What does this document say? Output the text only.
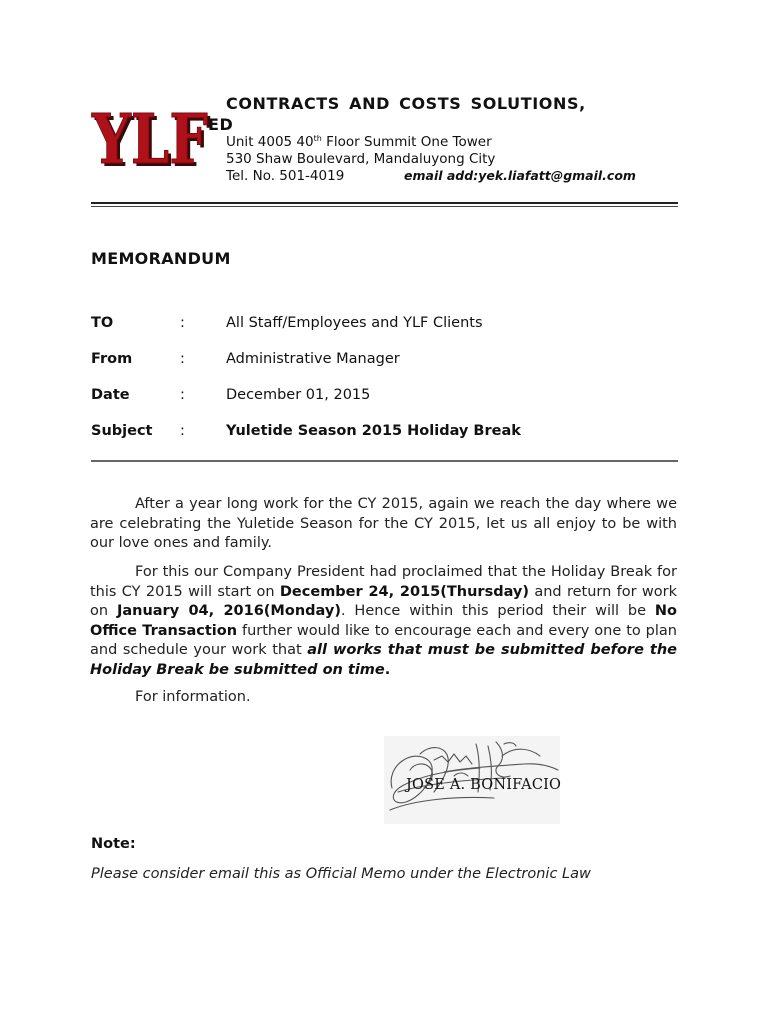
YLF
YLF CONTRACTS AND COSTS SOLUTIONS,
ED
Unit 4005 40th Floor Summit One Tower
530 Shaw Boulevard, Mandaluyong City
Tel. No. 501-4019	email add:yek.liafatt@gmail.com
MEMORANDUM
TO	:	All Staff/Employees and YLF Clients
From	:	Administrative Manager
Date	:	December 01, 2015
Subject :	Yuletide Season 2015 Holiday Break
After a year long work for the CY 2015, again we reach the day where we are celebrating the Yuletide Season for the CY 2015, let us all enjoy to be with our love ones and family.
For this our Company President had proclaimed that the Holiday Break for this CY 2015 will start on December 24, 2015(Thursday) and return for work on January 04, 2016(Monday). Hence within this period their will be No Office Transaction further would like to encourage each and every one to plan and schedule your work that all works that must be submitted before the Holiday Break be submitted on time.
For information.
JOSE A. BONIFACIO
Note:
Please consider email this as Official Memo under the Electronic Law
